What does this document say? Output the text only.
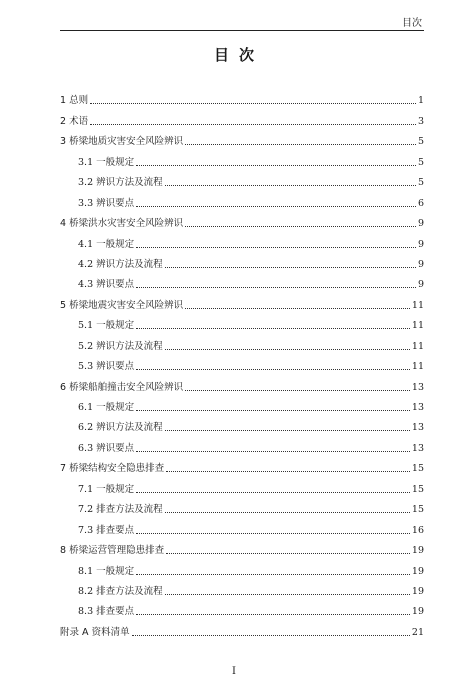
目次
目次
1 总则	1
2 术语	3
3 桥梁地质灾害安全风险辨识	5
3.1 一般规定	5
3.2 辨识方法及流程	5
3.3 辨识要点	6
4 桥梁洪水灾害安全风险辨识	9
4.1 一般规定	9
4.2 辨识方法及流程	9
4.3 辨识要点	9
5 桥梁地震灾害安全风险辨识	11
5.1 一般规定	11
5.2 辨识方法及流程	11
5.3 辨识要点	11
6 桥梁船舶撞击安全风险辨识	13
6.1 一般规定	13
6.2 辨识方法及流程	13
6.3 辨识要点	13
7 桥梁结构安全隐患排查	15
7.1 一般规定	15
7.2 排查方法及流程	15
7.3 排查要点	16
8 桥梁运营管理隐患排查	19
8.1 一般规定	19
8.2 排查方法及流程	19
8.3 排查要点	19
附录 A 资料清单	21
I
